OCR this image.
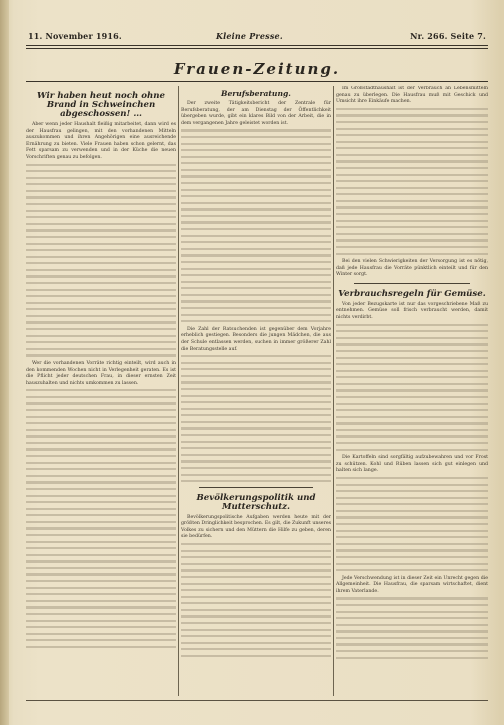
11. November 1916.	Kleine Presse.	Nr. 266. Seite 7.
Frauen-Zeitung.
Wir haben heut noch ohne Brand in Schweinchen abgeschossen! …

Aber wenn jeder Haushalt fleißig mitarbeitet, dann wird es der Hausfrau gelingen, mit den vorhandenen Mitteln auszukommen und ihren Angehörigen eine ausreichende Ernährung zu bieten. Viele Frauen haben schon gelernt, das Fett sparsam zu verwenden und in der Küche die neuen Vorschriften genau zu befolgen.

Wer die vorhandenen Vorräte richtig einteilt, wird auch in den kommenden Wochen nicht in Verlegenheit geraten. Es ist die Pflicht jeder deutschen Frau, in dieser ernsten Zeit hauszuhalten und nichts umkommen zu lassen.

Berufsberatung.

Der zweite Tätigkeitsbericht der Zentrale für Berufsberatung, der am Dienstag der Öffentlichkeit übergeben wurde, gibt ein klares Bild von der Arbeit, die in dem vergangenen Jahre geleistet worden ist.

Die Zahl der Ratsuchenden ist gegenüber dem Vorjahre erheblich gestiegen. Besonders die jungen Mädchen, die aus der Schule entlassen werden, suchen in immer größerer Zahl die Beratungsstelle auf.

Bevölkerungspolitik und Mutterschutz.

Bevölkerungspolitische Aufgaben werden heute mit der größten Dringlichkeit besprochen. Es gilt, die Zukunft unseres Volkes zu sichern und den Müttern die Hilfe zu geben, deren sie bedürfen.

Im Großstadthaushalt ist der Verbrauch an Lebensmitteln genau zu überlegen. Die Hausfrau muß mit Geschick und Umsicht ihre Einkäufe machen.

Bei den vielen Schwierigkeiten der Versorgung ist es nötig, daß jede Hausfrau die Vorräte pünktlich einteilt und für den Winter sorgt.

Verbrauchsregeln für Gemüse.

Von jeder Bezugskarte ist nur das vorgeschriebene Maß zu entnehmen. Gemüse soll frisch verbraucht werden, damit nichts verdirbt.

Die Kartoffeln sind sorgfältig aufzubewahren und vor Frost zu schützen. Kohl und Rüben lassen sich gut einlegen und halten sich lange.

Jede Verschwendung ist in dieser Zeit ein Unrecht gegen die Allgemeinheit. Die Hausfrau, die sparsam wirtschaftet, dient ihrem Vaterlande.
